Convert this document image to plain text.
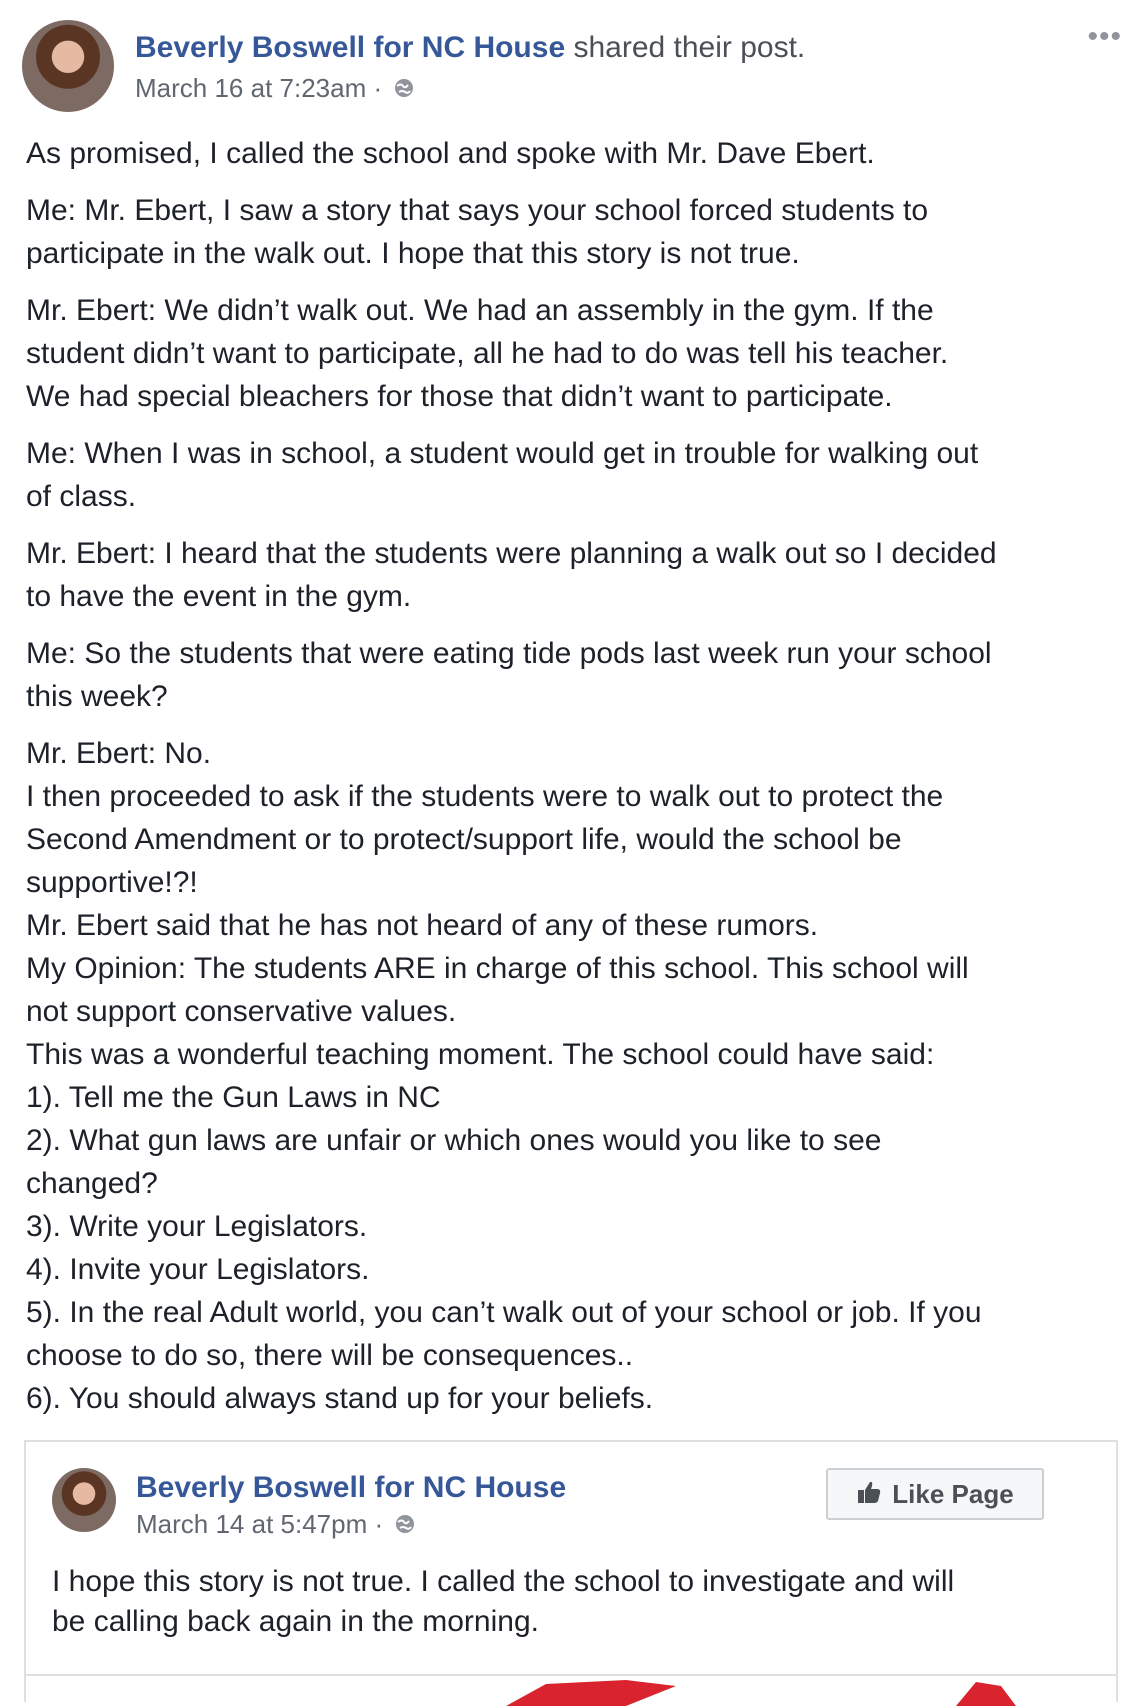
Beverly Boswell for NC House shared their post.
March 16 at 7:23am ·
•••
As promised, I called the school and spoke with Mr. Dave Ebert.
Me: Mr. Ebert, I saw a story that says your school forced students to
participate in the walk out. I hope that this story is not true.
Mr. Ebert: We didn’t walk out. We had an assembly in the gym. If the
student didn’t want to participate, all he had to do was tell his teacher.
We had special bleachers for those that didn’t want to participate.
Me: When I was in school, a student would get in trouble for walking out
of class.
Mr. Ebert: I heard that the students were planning a walk out so I decided
to have the event in the gym.
Me: So the students that were eating tide pods last week run your school
this week?
Mr. Ebert: No.
I then proceeded to ask if the students were to walk out to protect the
Second Amendment or to protect/support life, would the school be
supportive!?!
Mr. Ebert said that he has not heard of any of these rumors.
My Opinion: The students ARE in charge of this school. This school will
not support conservative values.
This was a wonderful teaching moment. The school could have said:
1). Tell me the Gun Laws in NC
2). What gun laws are unfair or which ones would you like to see
changed?
3). Write your Legislators.
4). Invite your Legislators.
5). In the real Adult world, you can’t walk out of your school or job. If you
choose to do so, there will be consequences..
6). You should always stand up for your beliefs.
Beverly Boswell for NC House
March 14 at 5:47pm ·
Like Page
I hope this story is not true. I called the school to investigate and will
be calling back again in the morning.
